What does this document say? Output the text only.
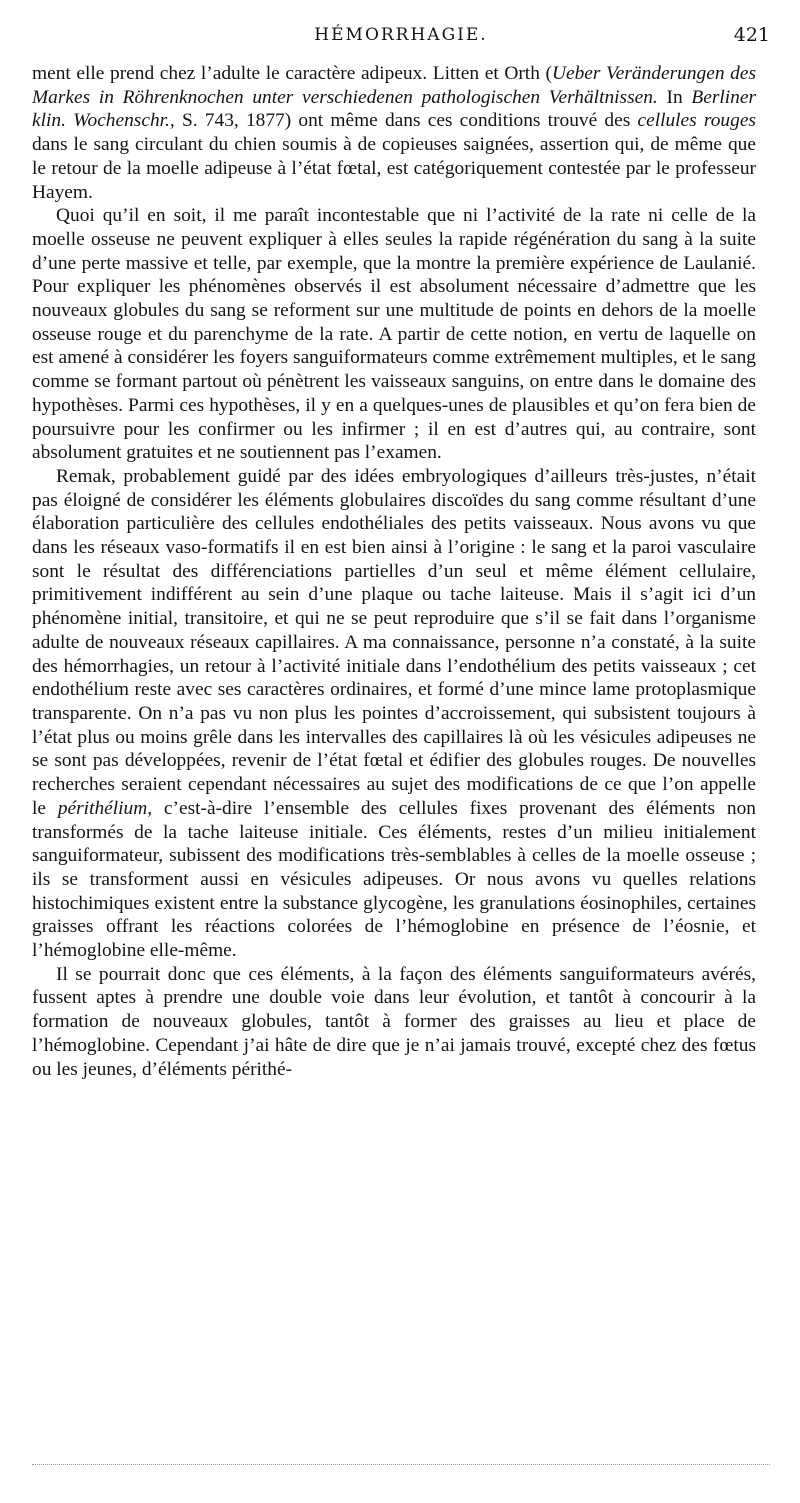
HÉMORRHAGIE.	421

ment elle prend chez l’adulte le caractère adipeux. Litten et Orth (Ueber Veränderungen des Markes in Röhrenknochen unter verschiedenen pathologischen Verhältnissen. In Berliner klin. Wochenschr., S. 743, 1877) ont même dans ces conditions trouvé des cellules rouges dans le sang circulant du chien soumis à de copieuses saignées, assertion qui, de même que le retour de la moelle adipeuse à l’état fœtal, est catégoriquement contestée par le professeur Hayem.

Quoi qu’il en soit, il me paraît incontestable que ni l’activité de la rate ni celle de la moelle osseuse ne peuvent expliquer à elles seules la rapide régénération du sang à la suite d’une perte massive et telle, par exemple, que la montre la première expérience de Laulanié. Pour expliquer les phénomènes observés il est absolument nécessaire d’admettre que les nouveaux globules du sang se reforment sur une multitude de points en dehors de la moelle osseuse rouge et du parenchyme de la rate. A partir de cette notion, en vertu de laquelle on est amené à considérer les foyers sanguiformateurs comme extrêmement multiples, et le sang comme se formant partout où pénètrent les vaisseaux sanguins, on entre dans le domaine des hypothèses. Parmi ces hypothèses, il y en a quelques-unes de plausibles et qu’on fera bien de poursuivre pour les confirmer ou les infirmer ; il en est d’autres qui, au contraire, sont absolument gratuites et ne soutiennent pas l’examen.

Remak, probablement guidé par des idées embryologiques d’ailleurs très-justes, n’était pas éloigné de considérer les éléments globulaires discoïdes du sang comme résultant d’une élaboration particulière des cellules endothéliales des petits vaisseaux. Nous avons vu que dans les réseaux vaso-formatifs il en est bien ainsi à l’origine : le sang et la paroi vasculaire sont le résultat des différenciations partielles d’un seul et même élément cellulaire, primitivement indifférent au sein d’une plaque ou tache laiteuse. Mais il s’agit ici d’un phénomène initial, transitoire, et qui ne se peut reproduire que s’il se fait dans l’organisme adulte de nouveaux réseaux capillaires. A ma connaissance, personne n’a constaté, à la suite des hémorrhagies, un retour à l’activité initiale dans l’endothélium des petits vaisseaux ; cet endothélium reste avec ses caractères ordinaires, et formé d’une mince lame protoplasmique transparente. On n’a pas vu non plus les pointes d’accroissement, qui subsistent toujours à l’état plus ou moins grêle dans les intervalles des capillaires là où les vésicules adipeuses ne se sont pas développées, revenir de l’état fœtal et édifier des globules rouges. De nouvelles recherches seraient cependant nécessaires au sujet des modifications de ce que l’on appelle le périthélium, c’est-à-dire l’ensemble des cellules fixes provenant des éléments non transformés de la tache laiteuse initiale. Ces éléments, restes d’un milieu initialement sanguiformateur, subissent des modifications très-semblables à celles de la moelle osseuse ; ils se transforment aussi en vésicules adipeuses. Or nous avons vu quelles relations histochimiques existent entre la substance glycogène, les granulations éosinophiles, certaines graisses offrant les réactions colorées de l’hémoglobine en présence de l’éosnie, et l’hémoglobine elle-même.

Il se pourrait donc que ces éléments, à la façon des éléments sanguiformateurs avérés, fussent aptes à prendre une double voie dans leur évolution, et tantôt à concourir à la formation de nouveaux globules, tantôt à former des graisses au lieu et place de l’hémoglobine. Cependant j’ai hâte de dire que je n’ai jamais trouvé, excepté chez des fœtus ou les jeunes, d’éléments périthé-
